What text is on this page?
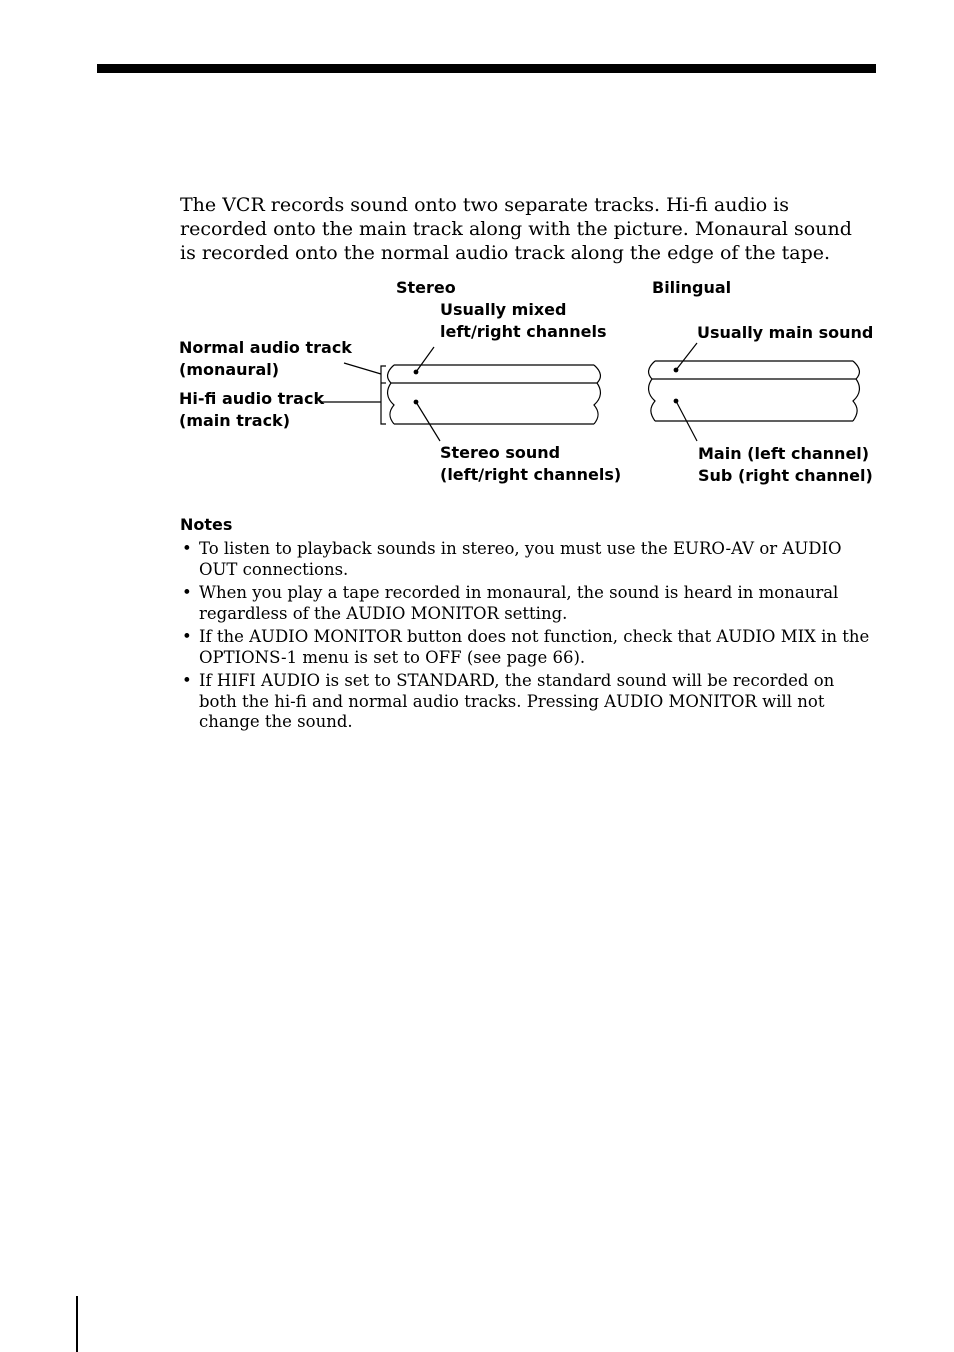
The VCR records sound onto two separate tracks. Hi-fi audio is recorded onto the main track along with the picture. Monaural sound is recorded onto the normal audio track along the edge of the tape.

Stereo	Bilingual
Usually mixed
left/right channels	Usually main sound
Normal audio track
(monaural)
Hi-fi audio track
(main track)
Stereo sound
(left/right channels)
Main (left channel)
Sub (right channel)
Notes
• To listen to playback sounds in stereo, you must use the EURO-AV or AUDIO OUT connections.
• When you play a tape recorded in monaural, the sound is heard in monaural regardless of the AUDIO MONITOR setting.
• If the AUDIO MONITOR button does not function, check that AUDIO MIX in the OPTIONS-1 menu is set to OFF (see page 66).
• If HIFI AUDIO is set to STANDARD, the standard sound will be recorded on both the hi-fi and normal audio tracks. Pressing AUDIO MONITOR will not change the sound.
